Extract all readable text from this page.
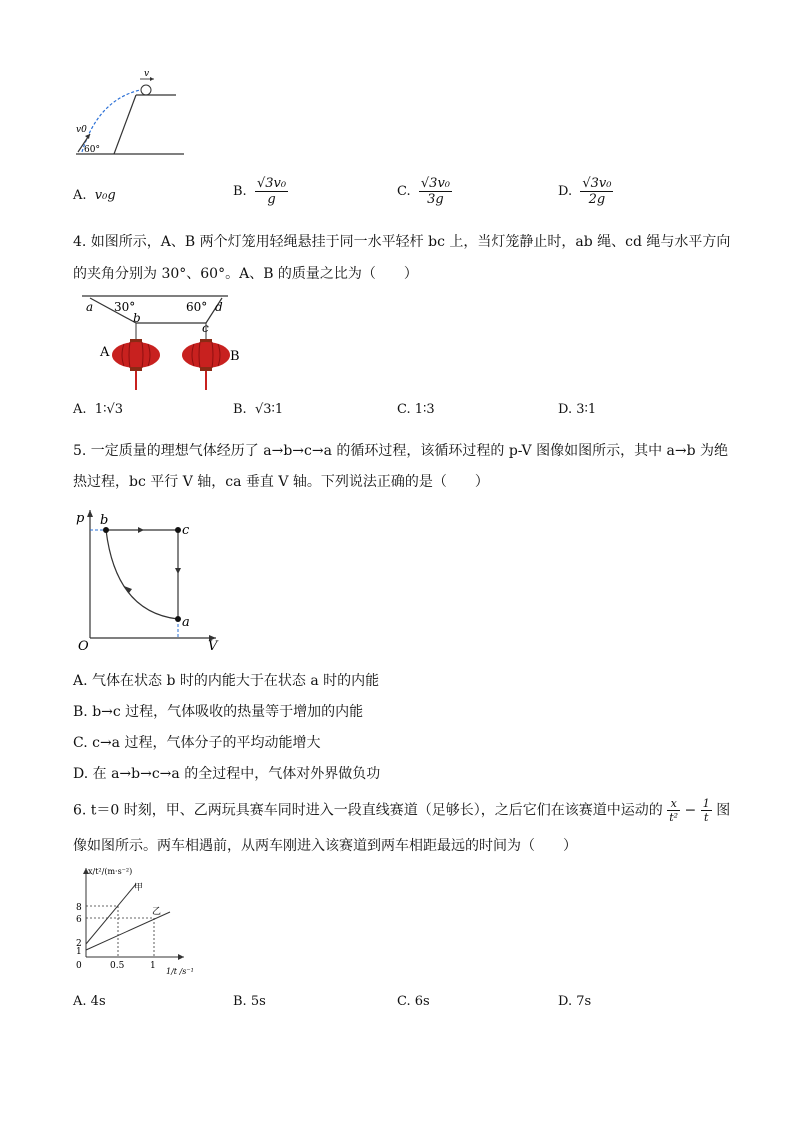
v
v0
60°
A. v₀g	B. $\frac{\text{√3v₀}}{g}$	C. $\frac{\text{√3v₀}}{3g}$	D. $\frac{\text{√3v₀}}{2g}$
4. 如图所示，A、B 两个灯笼用轻绳悬挂于同一水平轻杆 bc 上，当灯笼静止时，ab 绳、cd 绳与水平方向
的夹角分别为 30°、60°。A、B 的质量之比为（　　）
a 30°	60° d
b
c
A	B
A. 1∶√3	B. √3∶1	C. 1∶3	D. 3∶1
5. 一定质量的理想气体经历了 a→b→c→a 的循环过程，该循环过程的 p-V 图像如图所示，其中 a→b 为绝
热过程，bc 平行 V 轴，ca 垂直 V 轴。下列说法正确的是（　　）
p
V
O
b
c
a
A. 气体在状态 b 时的内能大于在状态 a 时的内能
B. b→c 过程，气体吸收的热量等于增加的内能
C. c→a 过程，气体分子的平均动能增大
D. 在 a→b→c→a 的全过程中，气体对外界做负功
6. t＝0 时刻，甲、乙两玩具赛车同时进入一段直线赛道（足够长），之后它们在该赛道中运动的 $\frac{x}{\text{t²}} - \frac{1}{t}$ 图
像如图所示。两车相遇前，从两车刚进入该赛道到两车相距最远的时间为（　　）
x/t²/(m·s⁻²)
甲
乙
8
6
2
1
0	0.5	1
1/t /s⁻¹
A. 4s	B. 5s	C. 6s	D. 7s
